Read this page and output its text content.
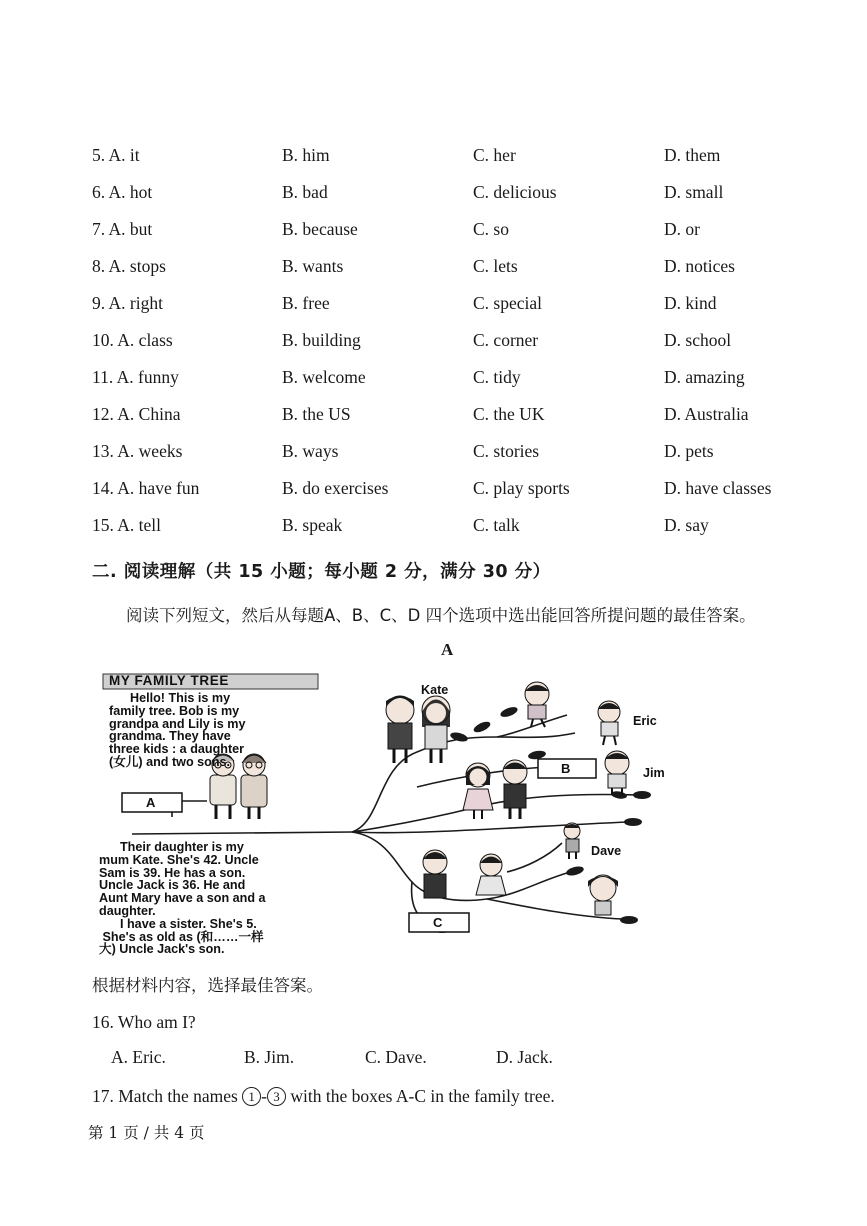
5. A. it	B. him	C. her	D. them
6. A. hot	B. bad	C. delicious	D. small
7. A. but	B. because	C. so	D. or
8. A. stops	B. wants	C. lets	D. notices
9. A. right	B. free	C. special	D. kind
10. A. class	B. building	C. corner	D. school
11. A. funny	B. welcome	C. tidy	D. amazing
12. A. China	B. the US	C. the UK	D. Australia
13. A. weeks	B. ways	C. stories	D. pets
14. A. have fun	B. do exercises	C. play sports	D. have classes
15. A. tell	B. speak	C. talk	D. say
二. 阅读理解（共 15 小题；每小题 2 分，满分 30 分）
阅读下列短文，然后从每题A、B、C、D 四个选项中选出能回答所提问题的最佳答案。
A
MY FAMILY TREE
Hello! This is my
family tree. Bob is my
grandpa and Lily is my
grandma. They have
three kids : a daughter
(女儿) and two sons.
Their daughter is my
mum Kate. She's 42. Uncle
Sam is 39. He has a son.
Uncle Jack is 36. He and
Aunt Mary have a son and a
daughter.
I have a sister. She's 5.
She's as old as (和……一样
大) Uncle Jack's son.
Kate
Eric
Jim
Dave
A
B
C
根据材料内容，选择最佳答案。
16. Who am I?
A. Eric.	B. Jim.	C. Dave.	D. Jack.
17. Match the names 1 - 3 with the boxes A-C in the family tree.
第 1 页 / 共 4 页
